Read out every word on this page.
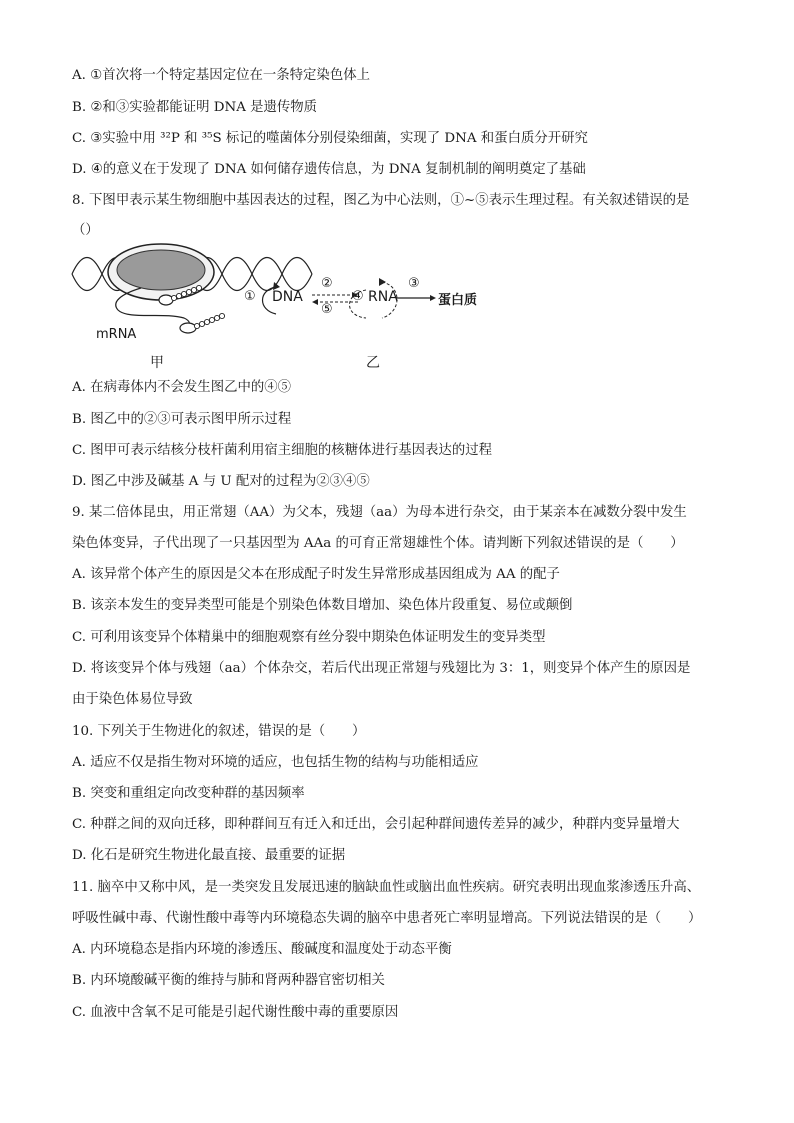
A. ①首次将一个特定基因定位在一条特定染色体上
B. ②和③实验都能证明 DNA 是遗传物质
C. ③实验中用 ³²P 和 ³⁵S 标记的噬菌体分别侵染细菌，实现了 DNA 和蛋白质分开研究
D. ④的意义在于发现了 DNA 如何储存遗传信息，为 DNA 复制机制的阐明奠定了基础
8. 下图甲表示某生物细胞中基因表达的过程，图乙为中心法则，①~⑤表示生理过程。有关叙述错误的是
（）
mRNA
甲	乙
① DNA
②
⑤
④ RNA
③
蛋白质
A. 在病毒体内不会发生图乙中的④⑤
B. 图乙中的②③可表示图甲所示过程
C. 图甲可表示结核分枝杆菌利用宿主细胞的核糖体进行基因表达的过程
D. 图乙中涉及碱基 A 与 U 配对的过程为②③④⑤
9. 某二倍体昆虫，用正常翅（AA）为父本，残翅（aa）为母本进行杂交，由于某亲本在减数分裂中发生
染色体变异，子代出现了一只基因型为 AAa 的可育正常翅雄性个体。请判断下列叙述错误的是（　　）
A. 该异常个体产生的原因是父本在形成配子时发生异常形成基因组成为 AA 的配子
B. 该亲本发生的变异类型可能是个别染色体数目增加、染色体片段重复、易位或颠倒
C. 可利用该变异个体精巢中的细胞观察有丝分裂中期染色体证明发生的变异类型
D. 将该变异个体与残翅（aa）个体杂交，若后代出现正常翅与残翅比为 3：1，则变异个体产生的原因是
由于染色体易位导致
10. 下列关于生物进化的叙述，错误的是（　　）
A. 适应不仅是指生物对环境的适应，也包括生物的结构与功能相适应
B. 突变和重组定向改变种群的基因频率
C. 种群之间的双向迁移，即种群间互有迁入和迁出，会引起种群间遗传差异的减少，种群内变异量增大
D. 化石是研究生物进化最直接、最重要的证据
11. 脑卒中又称中风，是一类突发且发展迅速的脑缺血性或脑出血性疾病。研究表明出现血浆渗透压升高、
呼吸性碱中毒、代谢性酸中毒等内环境稳态失调的脑卒中患者死亡率明显增高。下列说法错误的是（　　）
A. 内环境稳态是指内环境的渗透压、酸碱度和温度处于动态平衡
B. 内环境酸碱平衡的维持与肺和肾两种器官密切相关
C. 血液中含氧不足可能是引起代谢性酸中毒的重要原因
